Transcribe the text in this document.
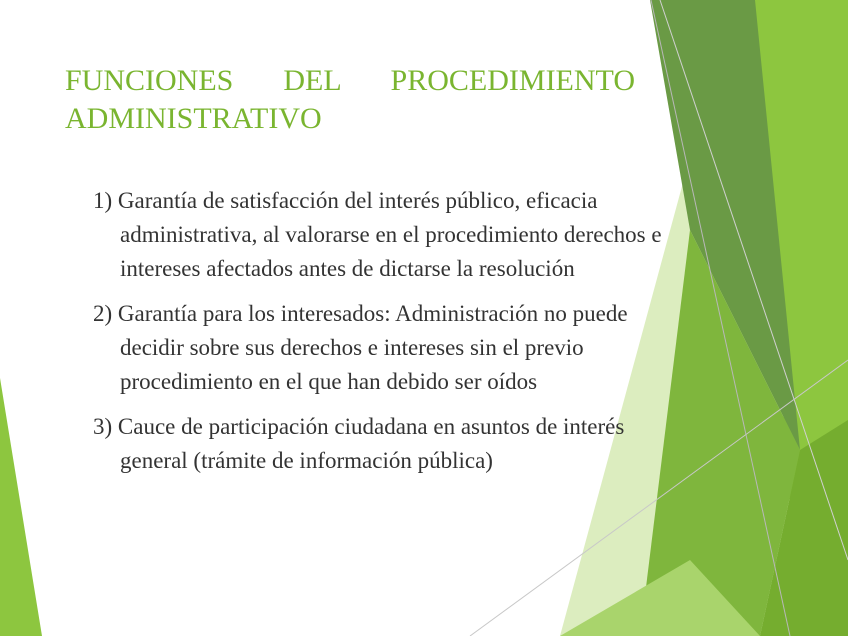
FUNCIONES DEL PROCEDIMIENTO
ADMINISTRATIVO
1) Garantía de satisfacción del interés público, eficacia
administrativa, al valorarse en el procedimiento derechos e
intereses afectados antes de dictarse la resolución
2) Garantía para los interesados: Administración no puede
decidir sobre sus derechos e intereses sin el previo
procedimiento en el que han debido ser oídos
3) Cauce de participación ciudadana en asuntos de interés
general (trámite de información pública)
